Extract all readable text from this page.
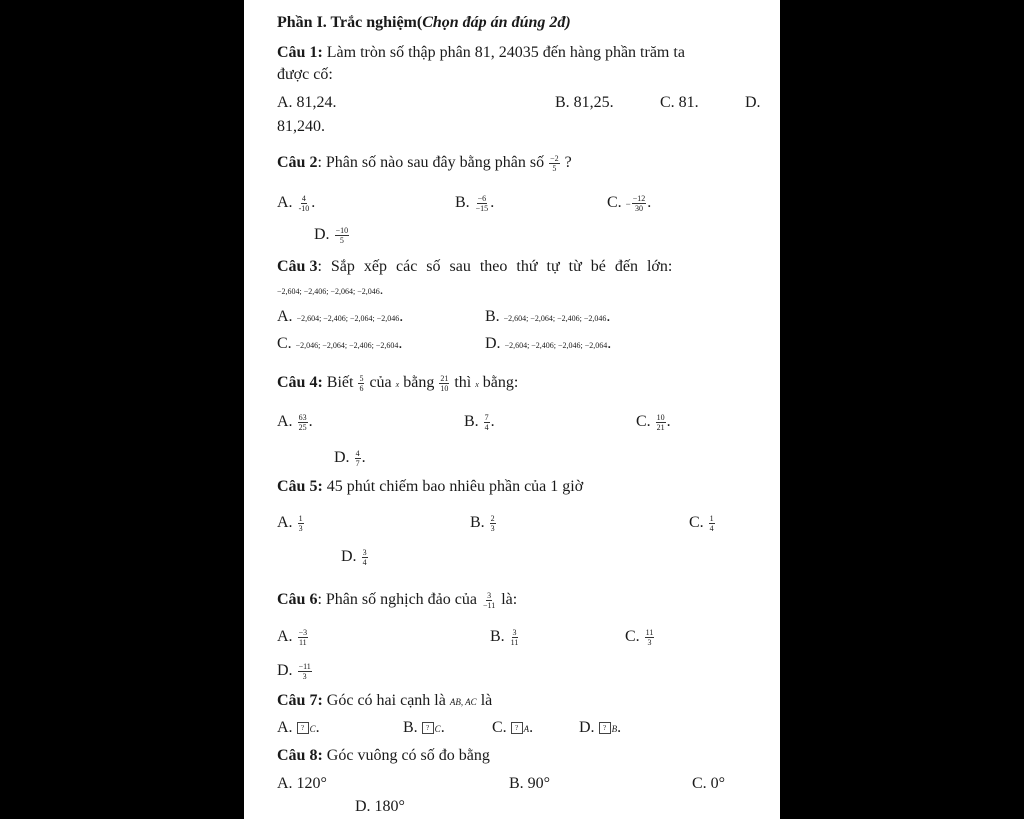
Phần I. Trắc nghiệm(Chọn đáp án đúng 2đ)
Câu 1: Làm tròn số thập phân 81, 24035 đến hàng phần trăm ta
được cố:
A. 81,24.	B. 81,25.	C. 81.	D.
81,240.
Câu 2: Phân số nào sau đây bằng phân số $\frac{-2}{5}$ ?
A. $\frac{4}{-10}$ .	B. $\frac{-6}{-15}$ .	C. − $\frac{-12}{30}$ .
D. $\frac{-10}{5}$
Câu 3: Sắp xếp các số sau theo thứ tự từ bé đến lớn:
−2,604; −2,406; −2,064; −2,046.
A. −2,604; −2,406; −2,064; −2,046.	B. −2,604; −2,064; −2,406; −2,046.
C. −2,046; −2,064; −2,406; −2,604.	D. −2,604; −2,406; −2,046; −2,064.
Câu 4: Biết $\frac{5}{6}$ của x bằng $\frac{21}{10}$ thì x bằng:
A. $\frac{63}{25}$ .	B. $\frac{7}{4}$ .	C. $\frac{10}{21}$ .
D. $\frac{4}{7}$ .
Câu 5: 45 phút chiếm bao nhiêu phần của 1 giờ
A. $\frac{1}{3}$	B. $\frac{2}{3}$	C. $\frac{1}{4}$
D. $\frac{3}{4}$
Câu 6: Phân số nghịch đảo của $\frac{3}{-11}$ là:
A. $\frac{-3}{11}$	B. $\frac{3}{11}$	C. $\frac{11}{3}$
D. $\frac{-11}{3}$
Câu 7: Góc có hai cạnh là AB, AC là
A. ? C.	B. ? C.	C. ? A.	D. ? B.
Câu 8: Góc vuông có số đo bằng
A. 120°	B. 90°	C. 0°
D. 180°
